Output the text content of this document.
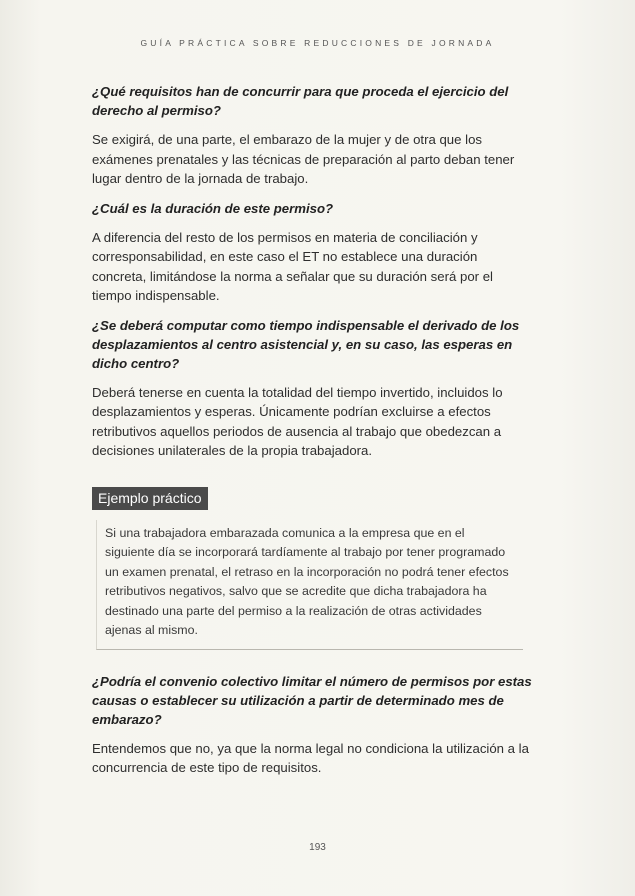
GUÍA PRÁCTICA SOBRE REDUCCIONES DE JORNADA

¿Qué requisitos han de concurrir para que proceda el ejercicio del derecho al permiso?

Se exigirá, de una parte, el embarazo de la mujer y de otra que los exámenes prenatales y las técnicas de preparación al parto deban tener lugar dentro de la jornada de trabajo.

¿Cuál es la duración de este permiso?

A diferencia del resto de los permisos en materia de conciliación y corresponsabilidad, en este caso el ET no establece una duración concreta, limitándose la norma a señalar que su duración será por el tiempo indispensable.

¿Se deberá computar como tiempo indispensable el derivado de los desplazamientos al centro asistencial y, en su caso, las esperas en dicho centro?

Deberá tenerse en cuenta la totalidad del tiempo invertido, incluidos lo desplazamientos y esperas. Únicamente podrían excluirse a efectos retributivos aquellos periodos de ausencia al trabajo que obedezcan a decisiones unilaterales de la propia trabajadora.

Ejemplo práctico
Si una trabajadora embarazada comunica a la empresa que en el siguiente día se incorporará tardíamente al trabajo por tener programado un examen prenatal, el retraso en la incorporación no podrá tener efectos retributivos negativos, salvo que se acredite que dicha trabajadora ha destinado una parte del permiso a la realización de otras actividades ajenas al mismo.

¿Podría el convenio colectivo limitar el número de permisos por estas causas o establecer su utilización a partir de determinado mes de embarazo?

Entendemos que no, ya que la norma legal no condiciona la utilización a la concurrencia de este tipo de requisitos.

193
